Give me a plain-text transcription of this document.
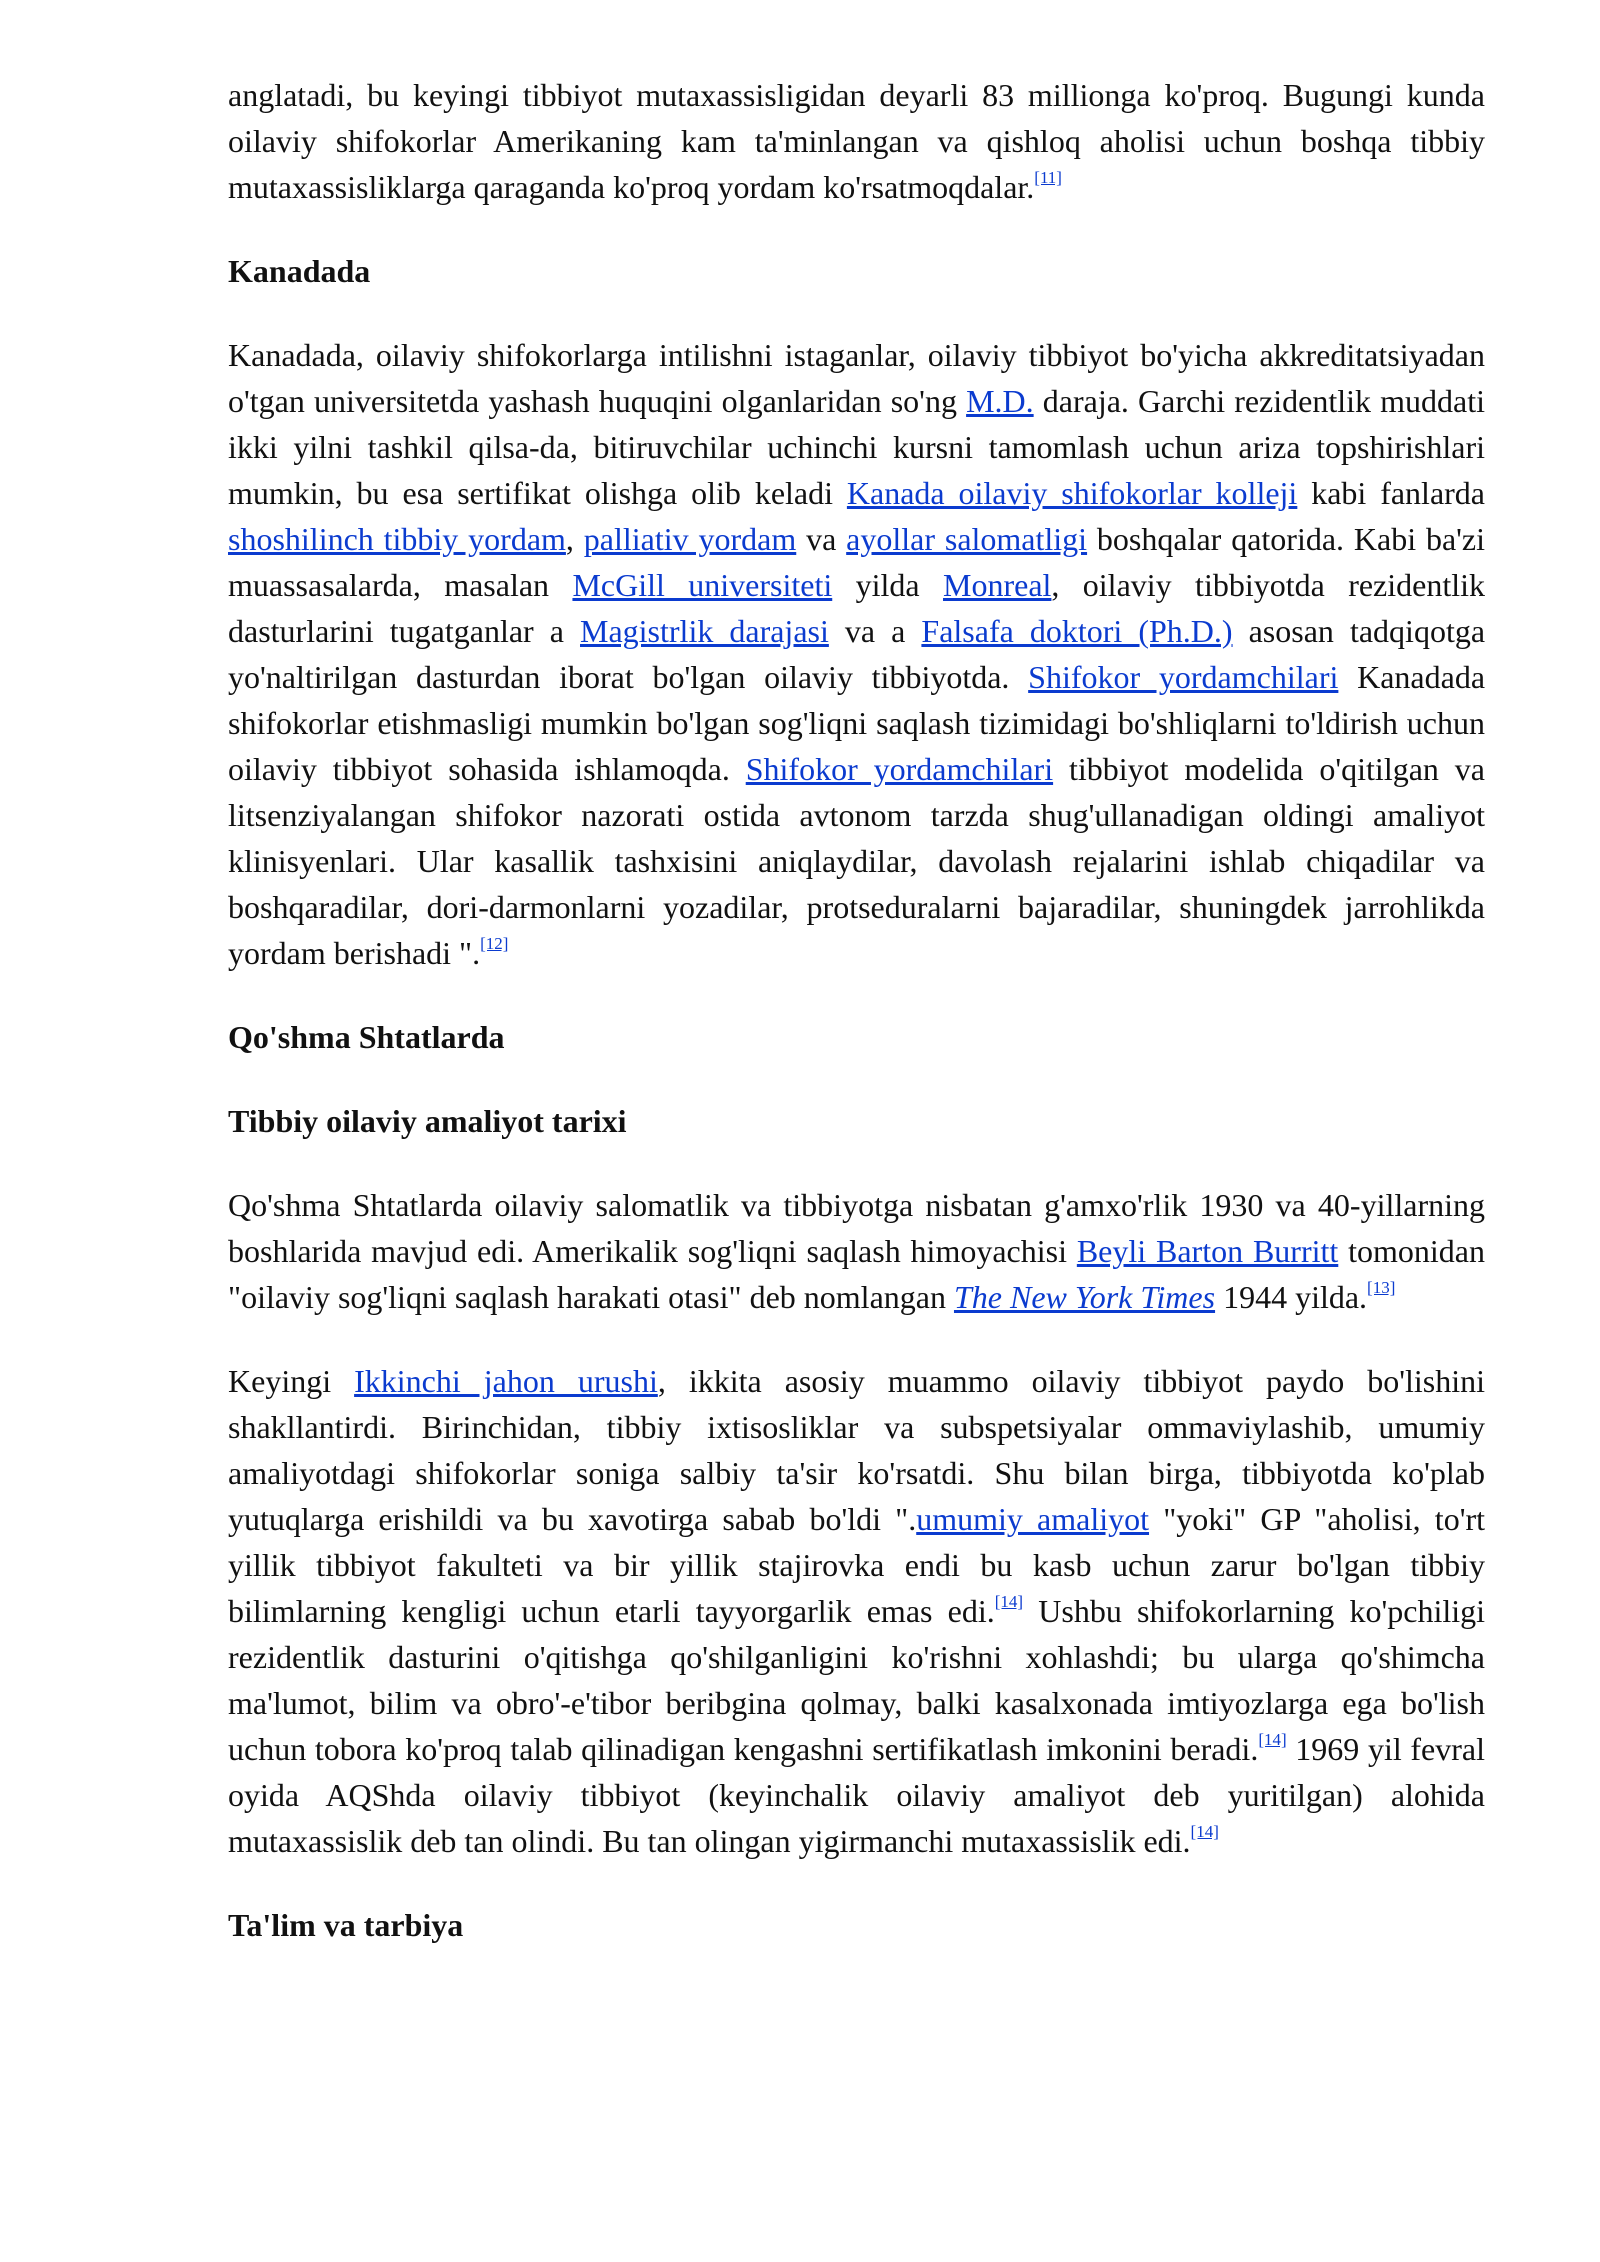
anglatadi, bu keyingi tibbiyot mutaxassisligidan deyarli 83 millionga ko'proq. Bugungi kunda oilaviy shifokorlar Amerikaning kam ta'minlangan va qishloq aholisi uchun boshqa tibbiy mutaxassisliklarga qaraganda ko'proq yordam ko'rsatmoqdalar.[11]

Kanadada

Kanadada, oilaviy shifokorlarga intilishni istaganlar, oilaviy tibbiyot bo'yicha akkreditatsiyadan o'tgan universitetda yashash huquqini olganlaridan so'ng M.D. daraja. Garchi rezidentlik muddati ikki yilni tashkil qilsa-da, bitiruvchilar uchinchi kursni tamomlash uchun ariza topshirishlari mumkin, bu esa sertifikat olishga olib keladi Kanada oilaviy shifokorlar kolleji kabi fanlarda shoshilinch tibbiy yordam, palliativ yordam va ayollar salomatligi boshqalar qatorida. Kabi ba'zi muassasalarda, masalan McGill universiteti yilda Monreal, oilaviy tibbiyotda rezidentlik dasturlarini tugatganlar a Magistrlik darajasi va a Falsafa doktori (Ph.D.) asosan tadqiqotga yo'naltirilgan dasturdan iborat bo'lgan oilaviy tibbiyotda. Shifokor yordamchilari Kanadada shifokorlar etishmasligi mumkin bo'lgan sog'liqni saqlash tizimidagi bo'shliqlarni to'ldirish uchun oilaviy tibbiyot sohasida ishlamoqda. Shifokor yordamchilari tibbiyot modelida o'qitilgan va litsenziyalangan shifokor nazorati ostida avtonom tarzda shug'ullanadigan oldingi amaliyot klinisyenlari. Ular kasallik tashxisini aniqlaydilar, davolash rejalarini ishlab chiqadilar va boshqaradilar, dori-darmonlarni yozadilar, protseduralarni bajaradilar, shuningdek jarrohlikda yordam berishadi ".[12]

Qo'shma Shtatlarda
Tibbiy oilaviy amaliyot tarixi

Qo'shma Shtatlarda oilaviy salomatlik va tibbiyotga nisbatan g'amxo'rlik 1930 va 40-yillarning boshlarida mavjud edi. Amerikalik sog'liqni saqlash himoyachisi Beyli Barton Burritt tomonidan "oilaviy sog'liqni saqlash harakati otasi" deb nomlangan The New York Times 1944 yilda.[13]

Keyingi Ikkinchi jahon urushi, ikkita asosiy muammo oilaviy tibbiyot paydo bo'lishini shakllantirdi. Birinchidan, tibbiy ixtisosliklar va subspetsiyalar ommaviylashib, umumiy amaliyotdagi shifokorlar soniga salbiy ta'sir ko'rsatdi. Shu bilan birga, tibbiyotda ko'plab yutuqlarga erishildi va bu xavotirga sabab bo'ldi ".umumiy amaliyot "yoki" GP "aholisi, to'rt yillik tibbiyot fakulteti va bir yillik stajirovka endi bu kasb uchun zarur bo'lgan tibbiy bilimlarning kengligi uchun etarli tayyorgarlik emas edi.[14] Ushbu shifokorlarning ko'pchiligi rezidentlik dasturini o'qitishga qo'shilganligini ko'rishni xohlashdi; bu ularga qo'shimcha ma'lumot, bilim va obro'-e'tibor beribgina qolmay, balki kasalxonada imtiyozlarga ega bo'lish uchun tobora ko'proq talab qilinadigan kengashni sertifikatlash imkonini beradi.[14] 1969 yil fevral oyida AQShda oilaviy tibbiyot (keyinchalik oilaviy amaliyot deb yuritilgan) alohida mutaxassislik deb tan olindi. Bu tan olingan yigirmanchi mutaxassislik edi.[14]

Ta'lim va tarbiya
